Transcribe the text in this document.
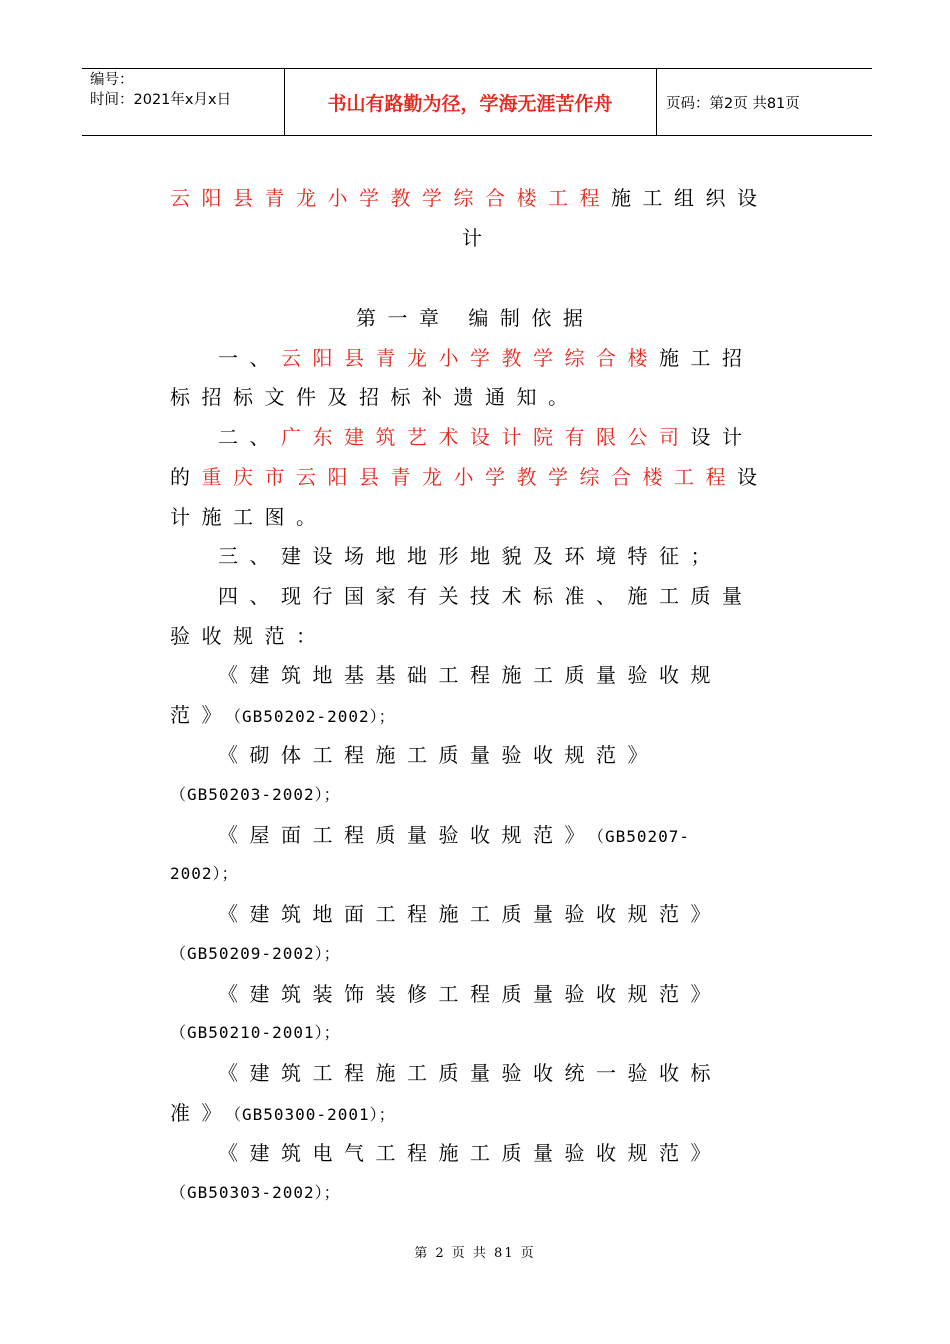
编号：
时间：2021年x月x日	书山有路勤为径，学海无涯苦作舟	页码：第2页 共81页
云阳县青龙小学教学综合楼工程施工组织设
计
第一章 编制依据
一、云阳县青龙小学教学综合楼施工招
标招标文件及招标补遗通知。
二、广东建筑艺术设计院有限公司设计
的重庆市云阳县青龙小学教学综合楼工程设
计施工图。
三、建设场地地形地貌及环境特征；
四、现行国家有关技术标准、施工质量
验收规范：
《建筑地基基础工程施工质量验收规
范》（GB50202-2002）；
《砌体工程施工质量验收规范》
（GB50203-2002）；
《屋面工程质量验收规范》（GB50207-
2002）；
《建筑地面工程施工质量验收规范》
（GB50209-2002）；
《建筑装饰装修工程质量验收规范》
（GB50210-2001）；
《建筑工程施工质量验收统一验收标
准》（GB50300-2001）；
《建筑电气工程施工质量验收规范》
（GB50303-2002）；
第 2 页 共 81 页
